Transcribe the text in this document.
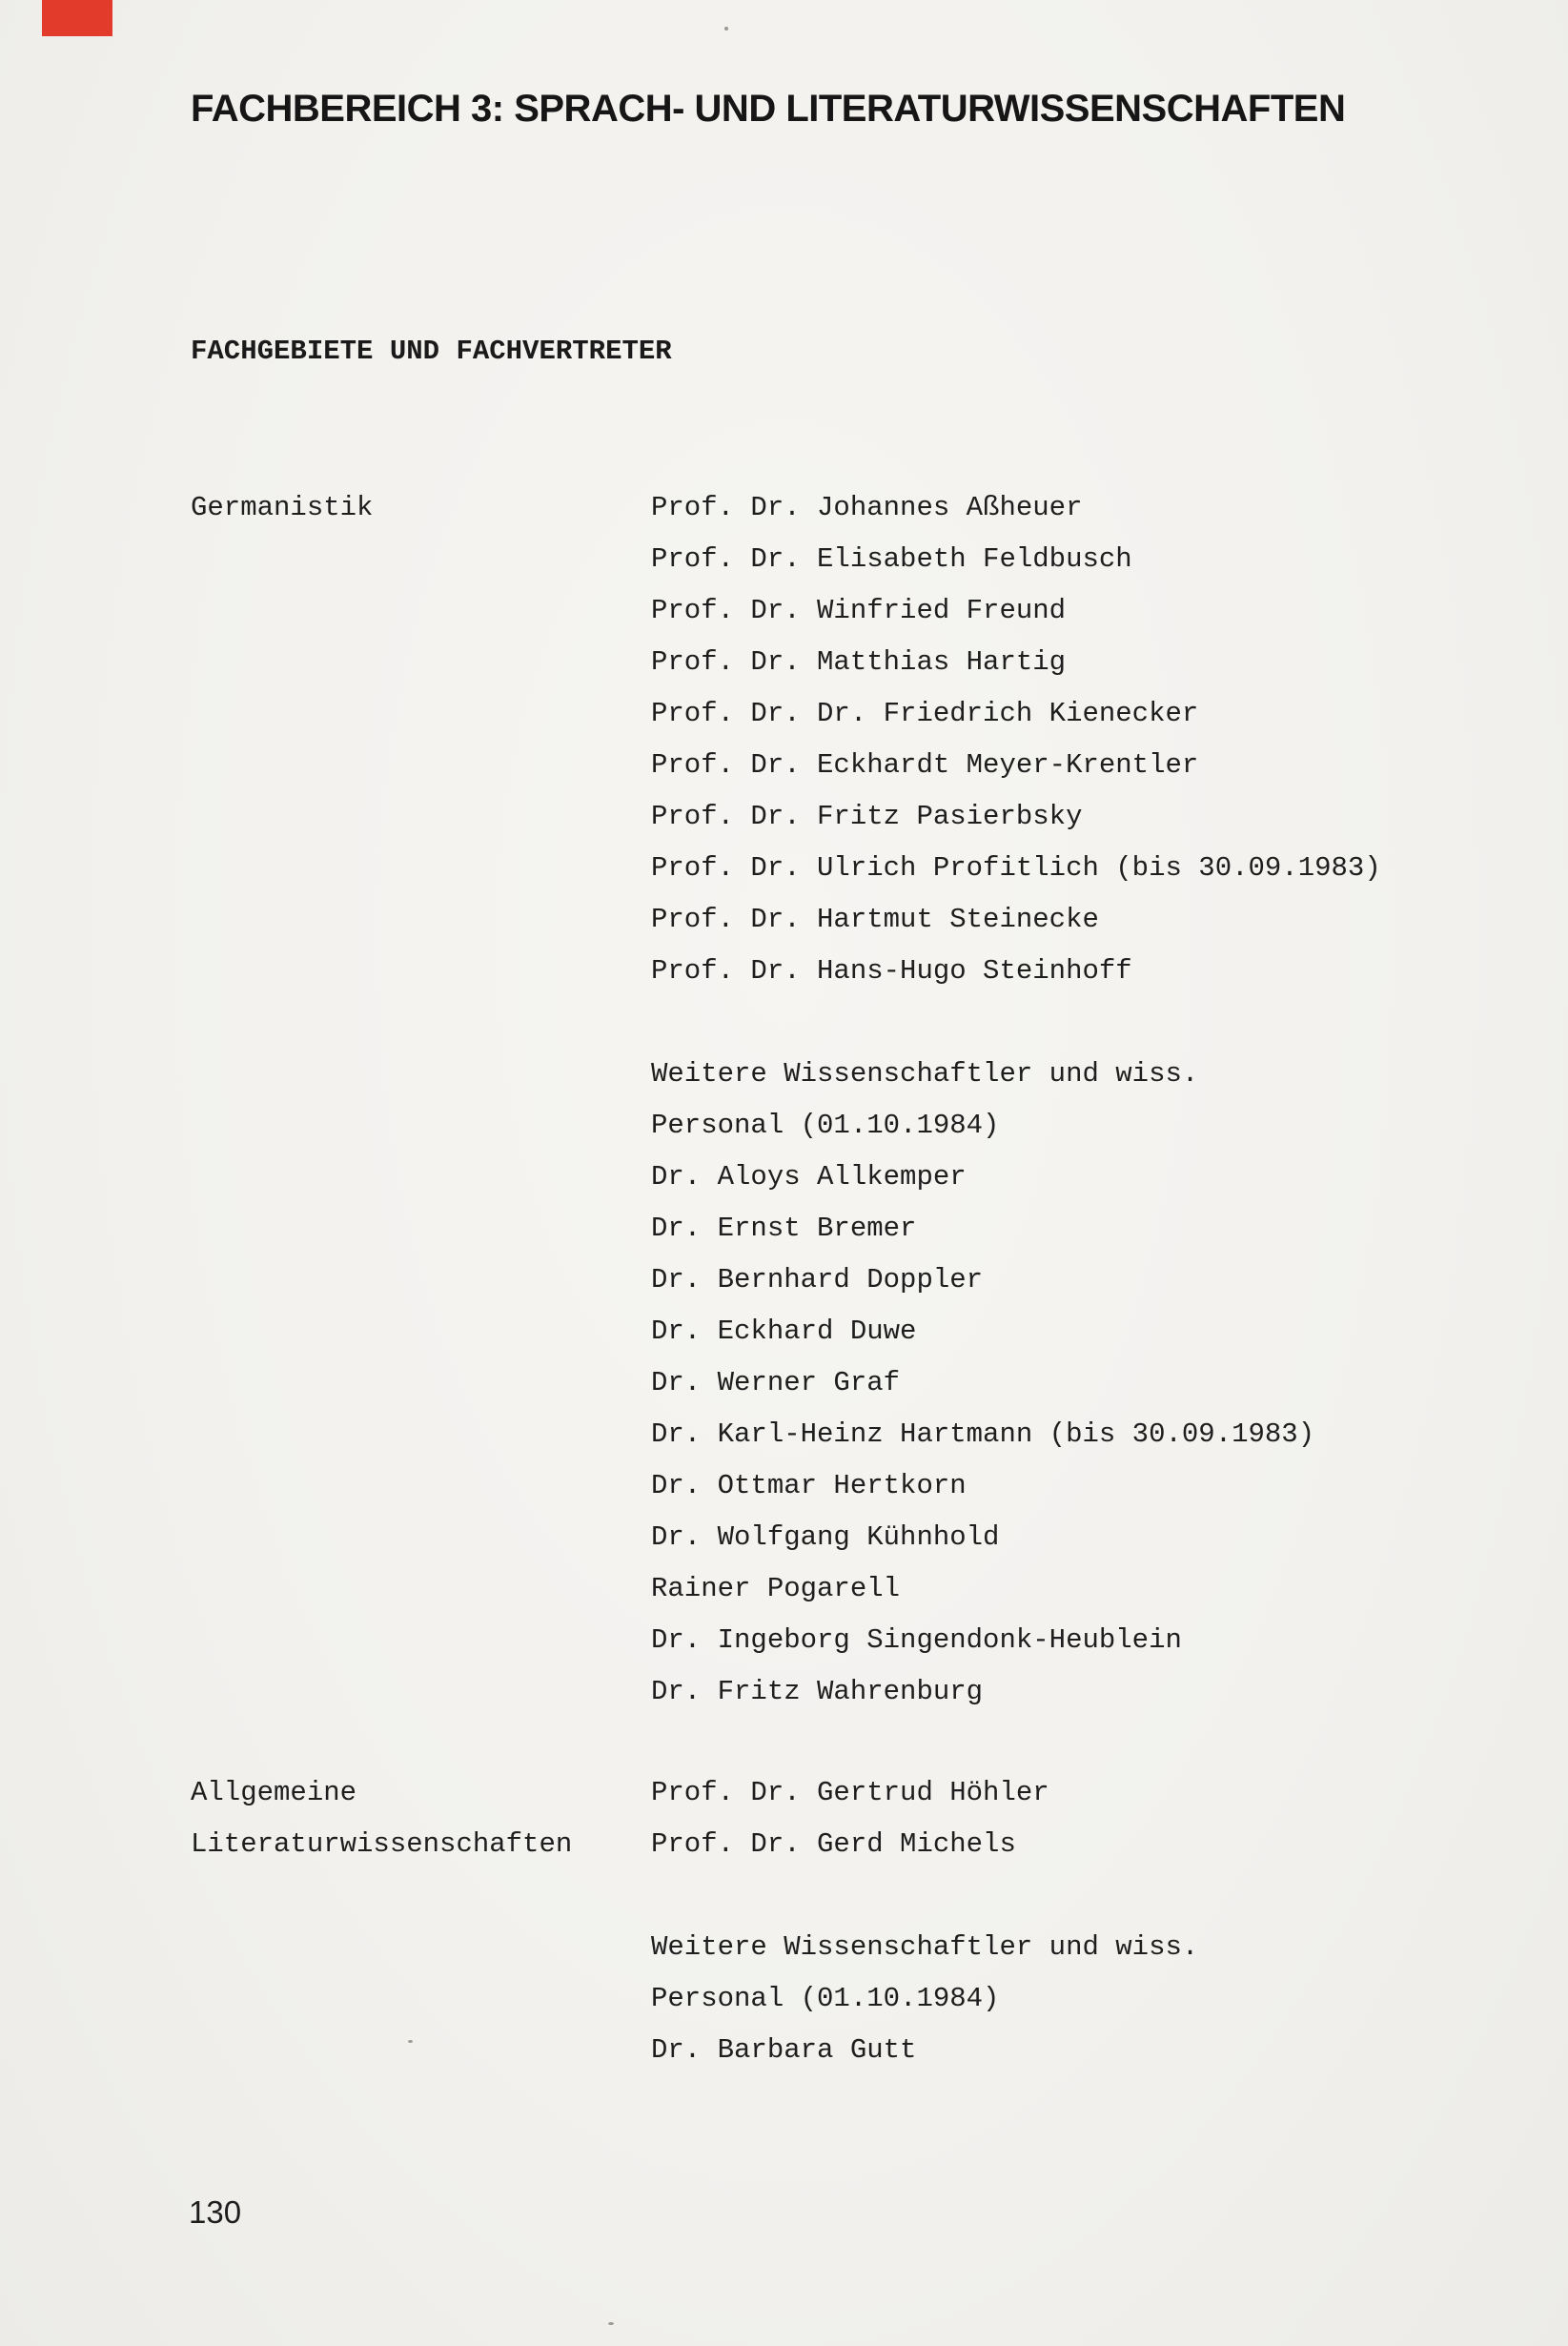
FACHBEREICH 3: SPRACH- UND LITERATURWISSENSCHAFTEN
FACHGEBIETE UND FACHVERTRETER
Germanistik	Prof. Dr. Johannes Aßheuer
Prof. Dr. Elisabeth Feldbusch
Prof. Dr. Winfried Freund
Prof. Dr. Matthias Hartig
Prof. Dr. Dr. Friedrich Kienecker
Prof. Dr. Eckhardt Meyer-Krentler
Prof. Dr. Fritz Pasierbsky
Prof. Dr. Ulrich Profitlich (bis 30.09.1983)
Prof. Dr. Hartmut Steinecke
Prof. Dr. Hans-Hugo Steinhoff
Weitere Wissenschaftler und wiss.
Personal (01.10.1984)
Dr. Aloys Allkemper
Dr. Ernst Bremer
Dr. Bernhard Doppler
Dr. Eckhard Duwe
Dr. Werner Graf
Dr. Karl-Heinz Hartmann (bis 30.09.1983)
Dr. Ottmar Hertkorn
Dr. Wolfgang Kühnhold
Rainer Pogarell
Dr. Ingeborg Singendonk-Heublein
Dr. Fritz Wahrenburg
Allgemeine
Literaturwissenschaften
Prof. Dr. Gertrud Höhler
Prof. Dr. Gerd Michels
Weitere Wissenschaftler und wiss.
Personal (01.10.1984)
Dr. Barbara Gutt
130
